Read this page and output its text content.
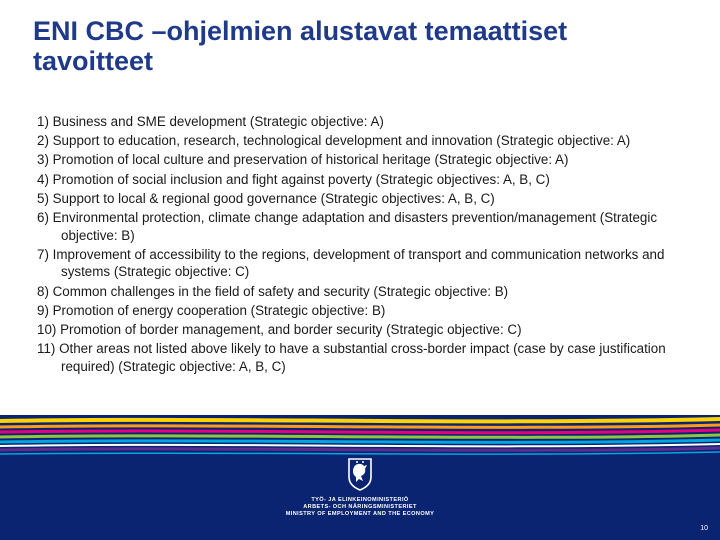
ENI CBC –ohjelmien alustavat temaattiset
tavoitteet
1) Business and SME development (Strategic objective: A)
2) Support to education, research, technological development and innovation (Strategic objective: A)
3) Promotion of local culture and preservation of historical heritage (Strategic objective: A)
4) Promotion of social inclusion and fight against poverty (Strategic objectives: A, B, C)
5) Support to local & regional good governance (Strategic objectives: A, B, C)
6) Environmental protection, climate change adaptation and disasters prevention/management (Strategic objective: B)
7) Improvement of accessibility to the regions, development of transport and communication networks and systems (Strategic objective: C)
8) Common challenges in the field of safety and security (Strategic objective: B)
9) Promotion of energy cooperation (Strategic objective: B)
10) Promotion of border management, and border security (Strategic objective: C)
11) Other areas not listed above likely to have a substantial cross-border impact (case by case justification required) (Strategic objective: A, B, C)
TYÖ- JA ELINKEINOMINISTERIÖ
ARBETS- OCH NÄRINGSMINISTERIET
MINISTRY OF EMPLOYMENT AND THE ECONOMY
10
